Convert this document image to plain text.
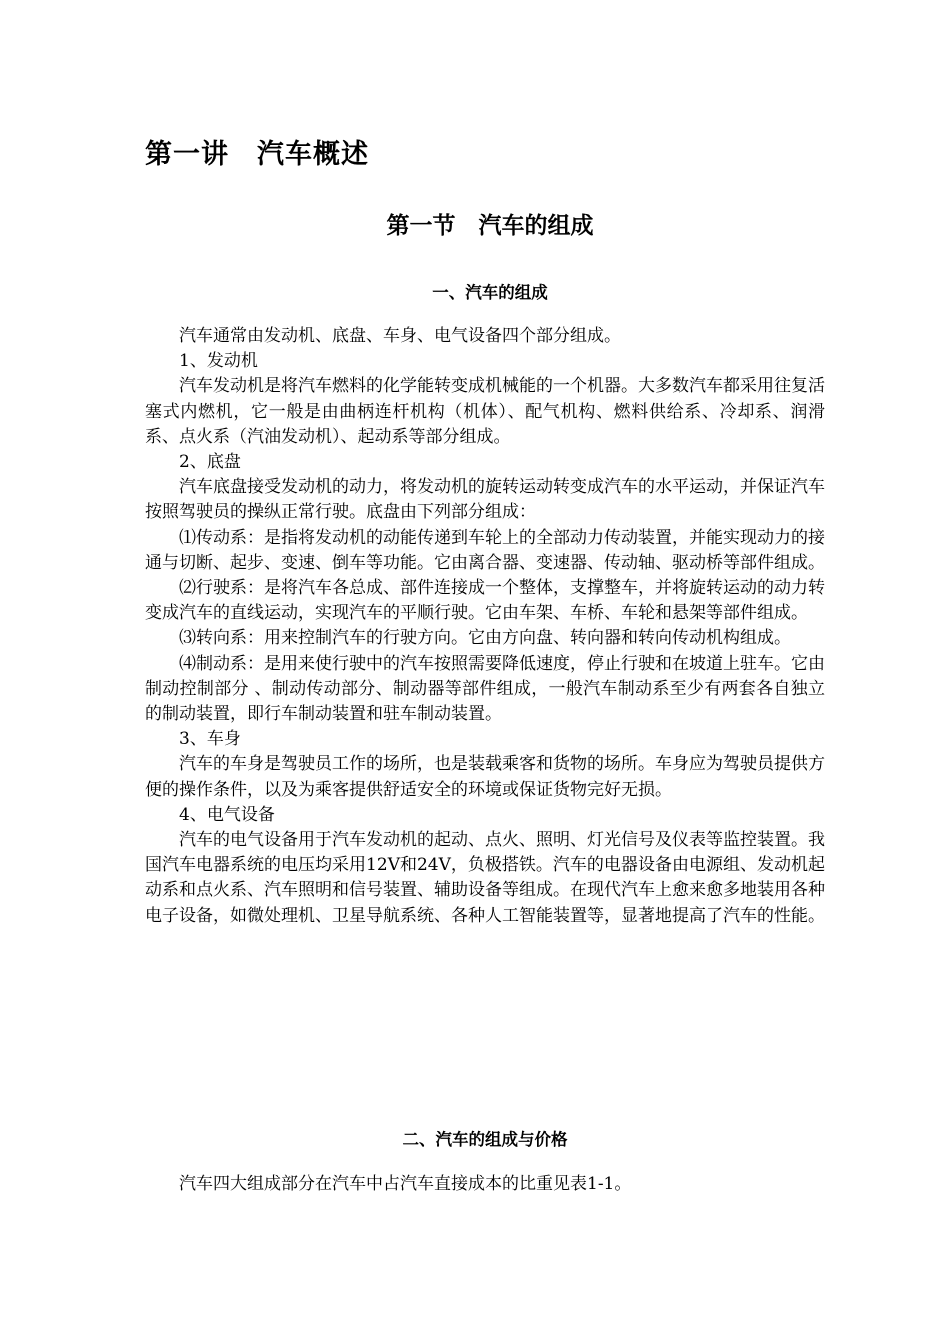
第一讲　汽车概述
第一节　汽车的组成
一、汽车的组成

汽车通常由发动机、底盘、车身、电气设备四个部分组成。

1、发动机

汽车发动机是将汽车燃料的化学能转变成机械能的一个机器。大多数汽车都采用往复活塞式内燃机，它一般是由曲柄连杆机构（机体）、配气机构、燃料供给系、冷却系、润滑系、点火系（汽油发动机）、起动系等部分组成。

2、底盘

汽车底盘接受发动机的动力，将发动机的旋转运动转变成汽车的水平运动，并保证汽车按照驾驶员的操纵正常行驶。底盘由下列部分组成：

⑴传动系：是指将发动机的动能传递到车轮上的全部动力传动装置，并能实现动力的接通与切断、起步、变速、倒车等功能。它由离合器、变速器、传动轴、驱动桥等部件组成。

⑵行驶系：是将汽车各总成、部件连接成一个整体，支撑整车，并将旋转运动的动力转变成汽车的直线运动，实现汽车的平顺行驶。它由车架、车桥、车轮和悬架等部件组成。

⑶转向系：用来控制汽车的行驶方向。它由方向盘、转向器和转向传动机构组成。

⑷制动系：是用来使行驶中的汽车按照需要降低速度，停止行驶和在坡道上驻车。它由制动控制部分 、制动传动部分、制动器等部件组成，一般汽车制动系至少有两套各自独立的制动装置，即行车制动装置和驻车制动装置。

3、车身

汽车的车身是驾驶员工作的场所，也是装载乘客和货物的场所。车身应为驾驶员提供方便的操作条件，以及为乘客提供舒适安全的环境或保证货物完好无损。

4、电气设备

汽车的电气设备用于汽车发动机的起动、点火、照明、灯光信号及仪表等监控装置。我国汽车电器系统的电压均采用12V和24V，负极搭铁。汽车的电器设备由电源组、发动机起动系和点火系、汽车照明和信号装置、辅助设备等组成。在现代汽车上愈来愈多地装用各种电子设备，如微处理机、卫星导航系统、各种人工智能装置等，显著地提高了汽车的性能。

二、汽车的组成与价格

汽车四大组成部分在汽车中占汽车直接成本的比重见表1-1。
